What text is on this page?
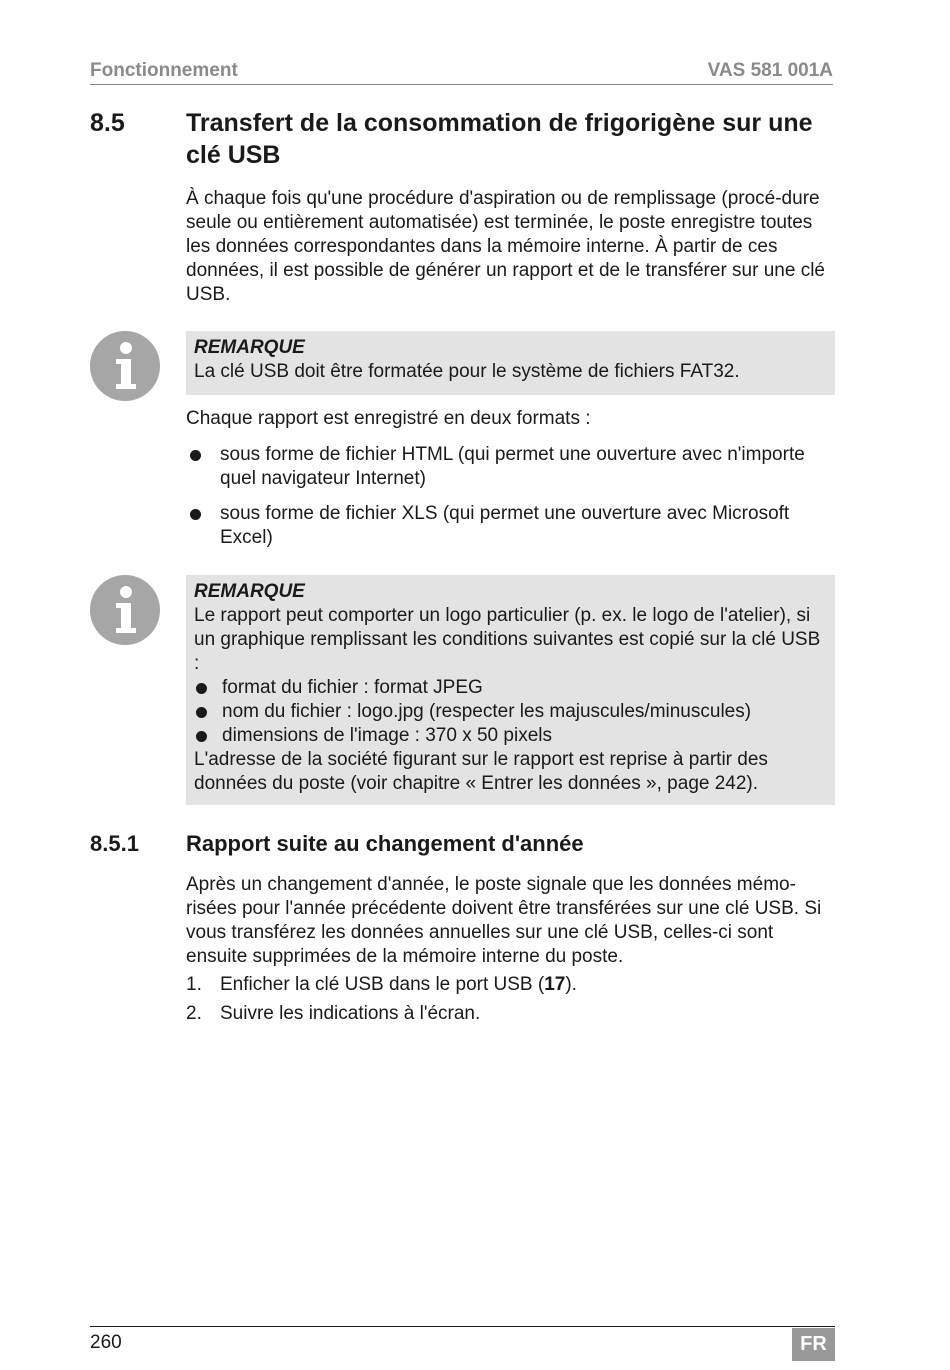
Fonctionnement	VAS 581 001A
8.5 Transfert de la consommation de frigorigène sur une clé USB
À chaque fois qu'une procédure d'aspiration ou de remplissage (procé-dure seule ou entièrement automatisée) est terminée, le poste enregistre toutes les données correspondantes dans la mémoire interne. À partir de ces données, il est possible de générer un rapport et de le transférer sur une clé USB.
REMARQUE
La clé USB doit être formatée pour le système de fichiers FAT32.
Chaque rapport est enregistré en deux formats :
sous forme de fichier HTML (qui permet une ouverture avec n'importe quel navigateur Internet)
sous forme de fichier XLS (qui permet une ouverture avec Microsoft Excel)
REMARQUE
Le rapport peut comporter un logo particulier (p. ex. le logo de l'atelier), si un graphique remplissant les conditions suivantes est copié sur la clé USB :
format du fichier : format JPEG
nom du fichier : logo.jpg (respecter les majuscules/minuscules)
dimensions de l'image : 370 x 50 pixels
L'adresse de la société figurant sur le rapport est reprise à partir des données du poste (voir chapitre « Entrer les données », page 242).
8.5.1 Rapport suite au changement d'année
Après un changement d'année, le poste signale que les données mémo-risées pour l'année précédente doivent être transférées sur une clé USB. Si vous transférez les données annuelles sur une clé USB, celles-ci sont ensuite supprimées de la mémoire interne du poste.
1. Enficher la clé USB dans le port USB (17).
2. Suivre les indications à l'écran.
260	FR
